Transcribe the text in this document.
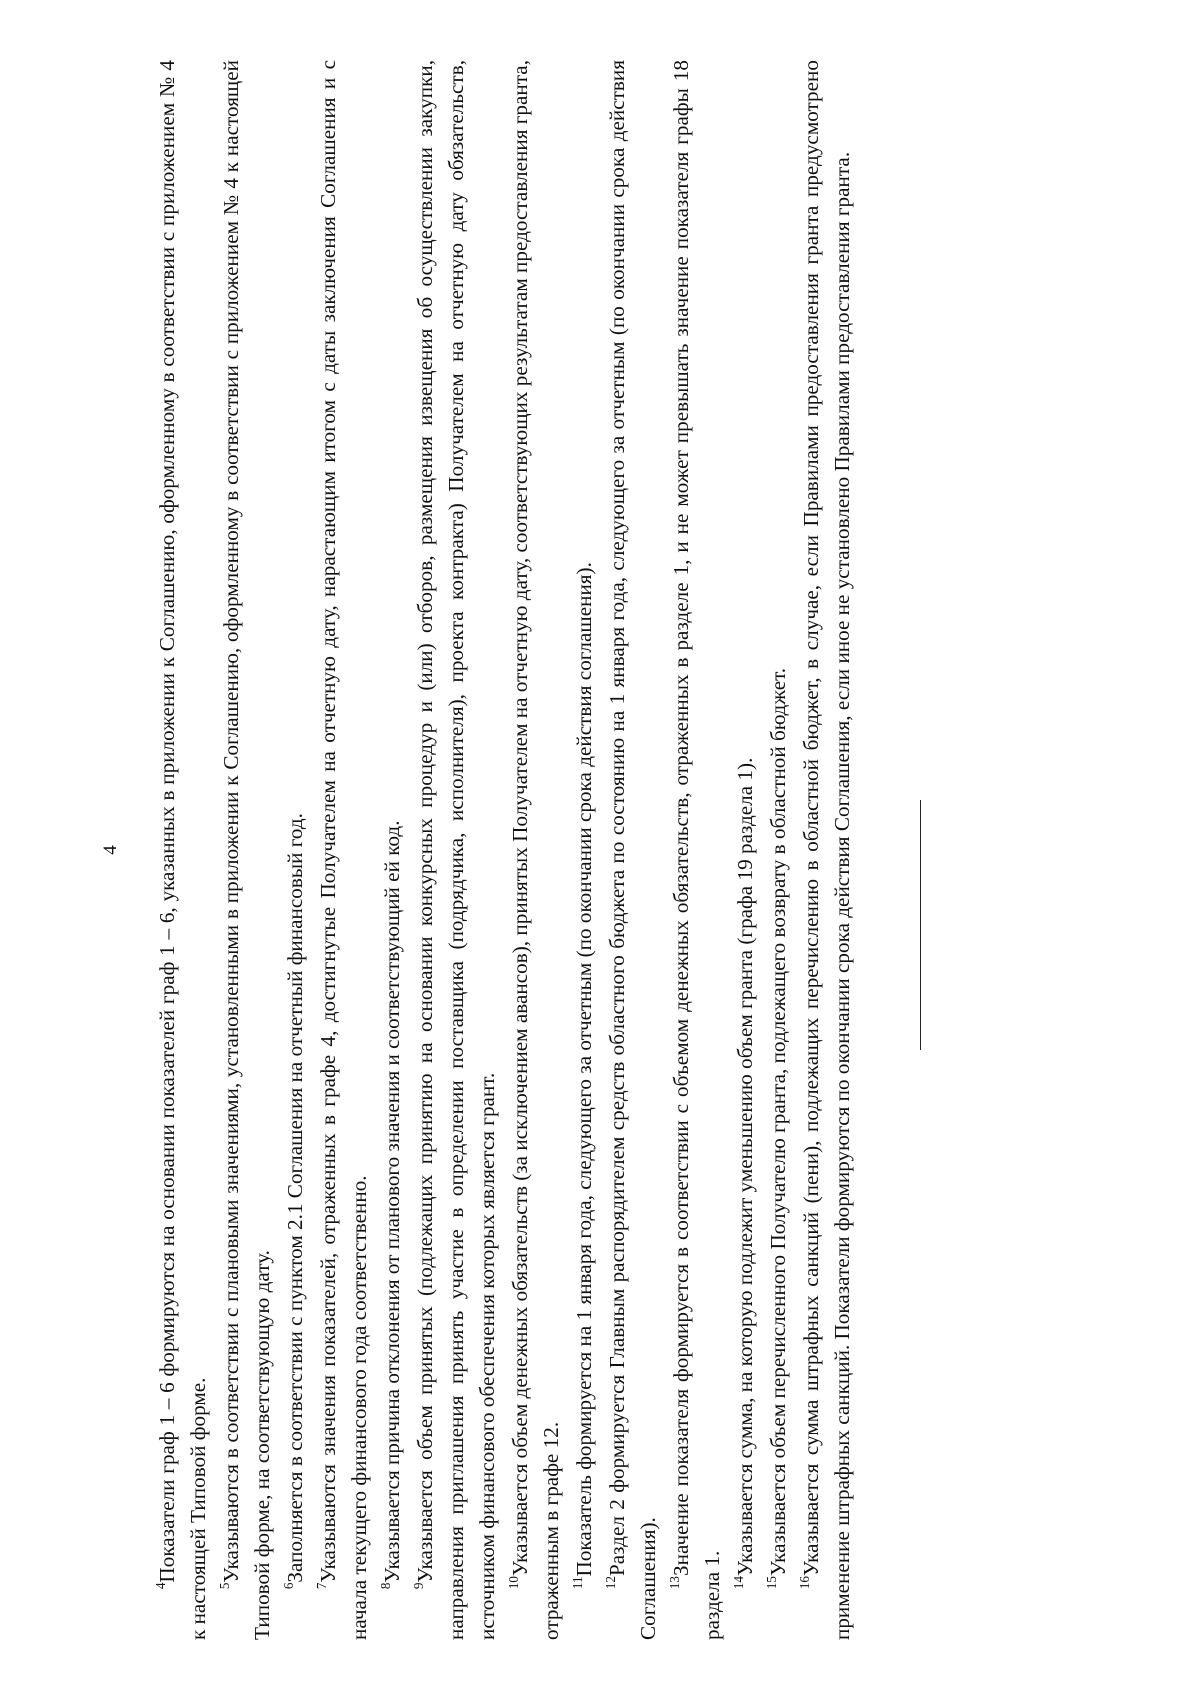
4

$^4$Показатели граф 1 – 6 формируются на основании показателей граф 1 – 6, указанных в приложении к Соглашению, оформленному в соответствии с приложением № 4 к настоящей Типовой форме. $^5$Указываются в соответствии с плановыми значениями, установленными в приложении к Соглашению, оформленному в соответствии с приложением № 4 к настоящей Типовой форме, на соответствующую дату. $^6$Заполняется в соответствии с пунктом 2.1 Соглашения на отчетный финансовый год.

$^7$Указываются значения показателей, отраженных в графе 4, достигнутые Получателем на отчетную дату, нарастающим итогом с даты заключения Соглашения и с начала текущего финансового года соответственно. $^8$Указывается причина отклонения от планового значения и соответствующий ей код.

$^9$Указывается объем принятых (подлежащих принятию на основании конкурсных процедур и (или) отборов, размещения извещения об осуществлении закупки, направления приглашения принять участие в определении поставщика (подрядчика, исполнителя), проекта контракта) Получателем на отчетную дату обязательств, источником финансового обеспечения которых является грант. $^{10}$Указывается объем денежных обязательств (за исключением авансов), принятых Получателем на отчетную дату, соответствующих результатам предоставления гранта, отраженным в графе 12. $^{11}$Показатель формируется на 1 января года, следующего за отчетным (по окончании срока действия соглашения).

$^{12}$Раздел 2 формируется Главным распорядителем средств областного бюджета по состоянию на 1 января года, следующего за отчетным (по окончании срока действия Соглашения). $^{13}$Значение показателя формируется в соответствии с объемом денежных обязательств, отраженных в разделе 1, и не может превышать значение показателя графы 18 раздела 1. $^{14}$Указывается сумма, на которую подлежит уменьшению объем гранта (графа 19 раздела 1).

$^{15}$Указывается объем перечисленного Получателю гранта, подлежащего возврату в областной бюджет.

$^{16}$Указывается сумма штрафных санкций (пени), подлежащих перечислению в областной бюджет, в случае, если Правилами предоставления гранта предусмотрено применение штрафных санкций. Показатели формируются по окончании срока действия Соглашения, если иное не установлено Правилами предоставления гранта.
